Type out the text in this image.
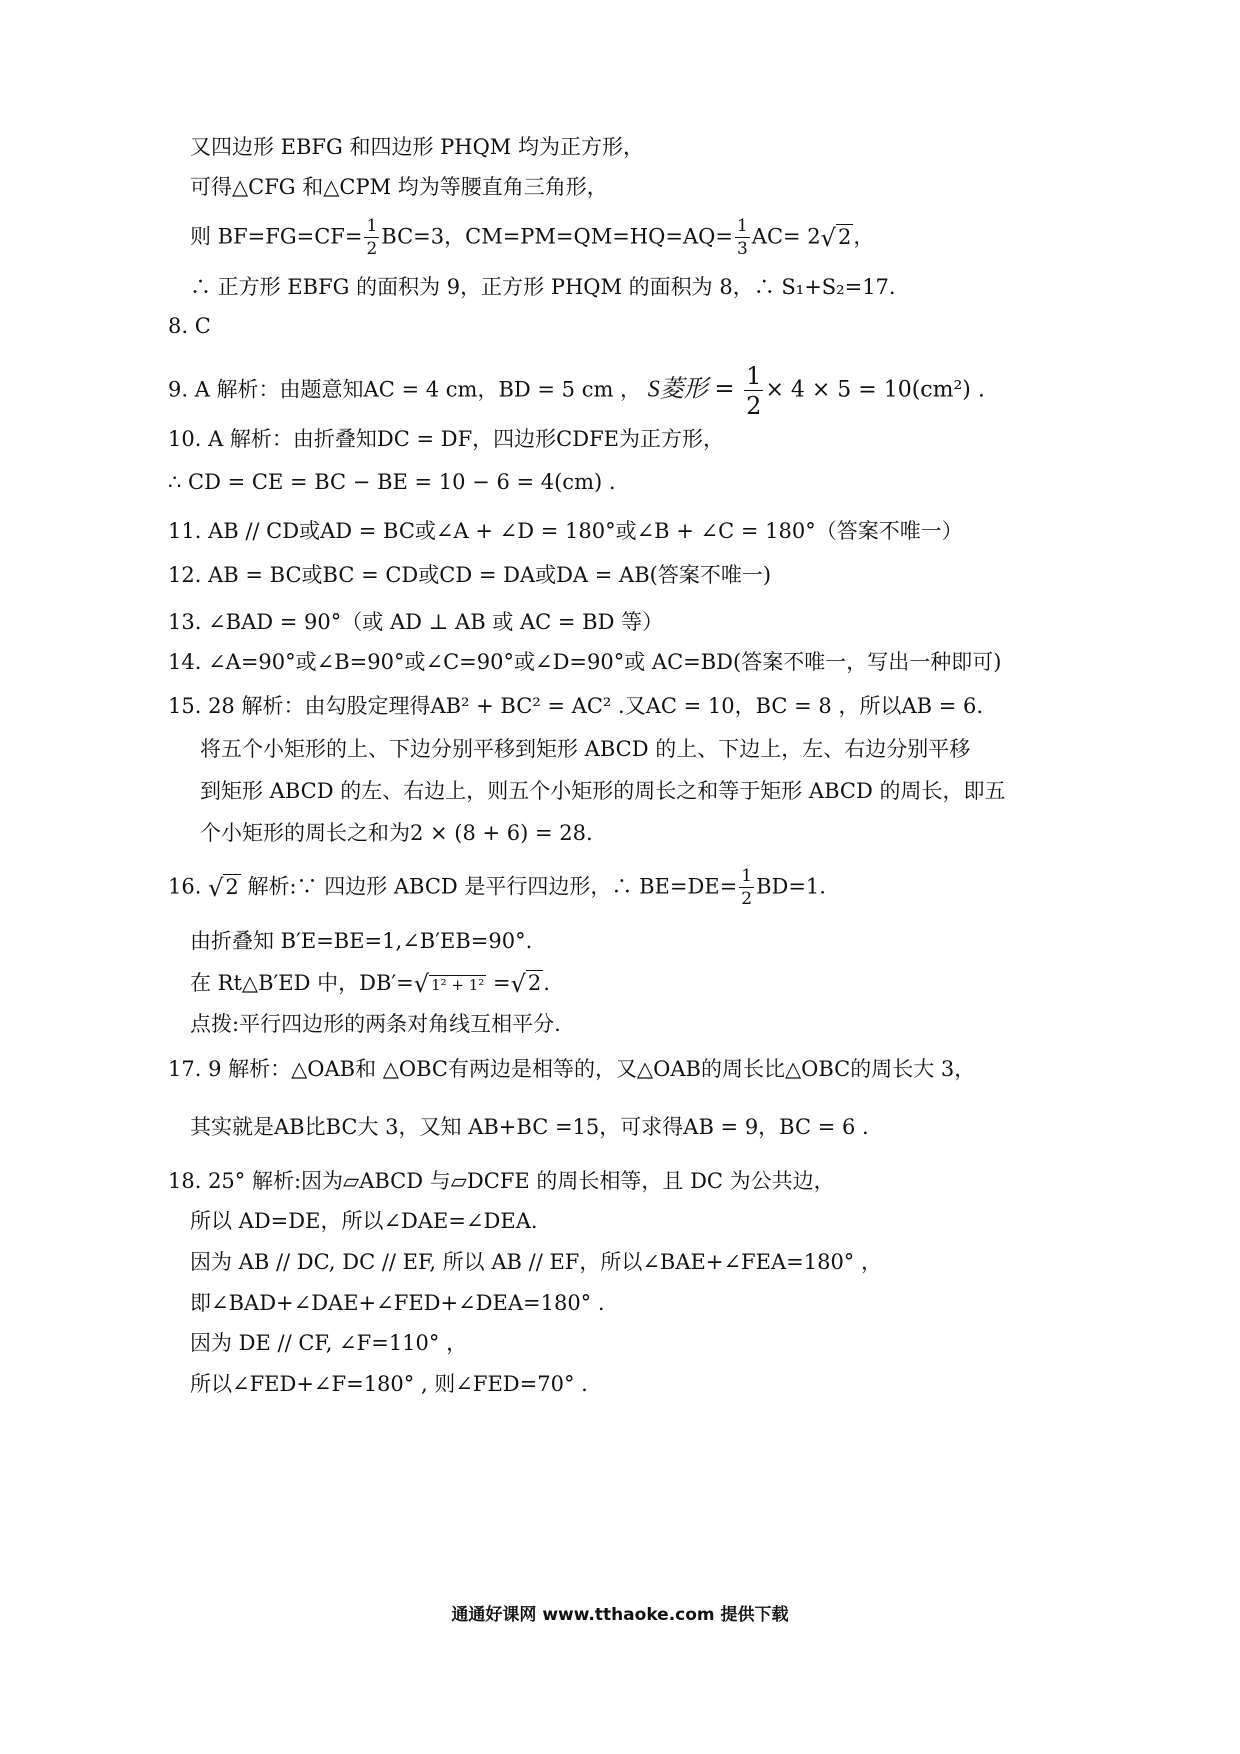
又四边形 EBFG 和四边形 PHQM 均为正方形，
可得△CFG 和△CPM 均为等腰直角三角形，
则 $BF=FG=CF= \frac{1}{2} BC=3$，$CM=PM=QM=HQ=AQ= \frac{1}{3} AC= 2√2$，
∴ 正方形 EBFG 的面积为 9，正方形 PHQM 的面积为 8，∴ S₁+S₂=17.
8. C
9. A 解析：由题意知AC = 4 cm，BD = 5 cm ， S菱形 = $\frac{1}{2} \times 4 \times 5 = 10(cm^2)$ .
10. A 解析：由折叠知DC = DF，四边形CDFE为正方形，
∴ CD = CE = BC − BE = 10 − 6 = 4(cm) .
11. AB // CD或AD = BC或∠A + ∠D = 180°或∠B + ∠C = 180°（答案不唯一）
12. AB = BC或BC = CD或CD = DA或DA = AB(答案不唯一)
13. ∠BAD = 90°（或 AD ⊥ AB 或 AC = BD 等）
14. ∠A=90°或∠B=90°或∠C=90°或∠D=90°或 AC=BD(答案不唯一，写出一种即可)
15. 28 解析：由勾股定理得AB² + BC² = AC² .又AC = 10，BC = 8 ，所以AB = 6.
将五个小矩形的上、下边分别平移到矩形 ABCD 的上、下边上，左、右边分别平移
到矩形 ABCD 的左、右边上，则五个小矩形的周长之和等于矩形 ABCD 的周长，即五
个小矩形的周长之和为2 × (8 + 6) = 28.
16. √2 解析:∵ 四边形 ABCD 是平行四边形，∴ $BE=DE= \frac{1}{2} BD=1$.
由折叠知 B′E=BE=1,∠B′EB=90°.
在 Rt△B′ED 中，DB′=√ 1² + 1² =√2.
点拨:平行四边形的两条对角线互相平分.
17. 9 解析：△OAB和 △OBC有两边是相等的，又△OAB的周长比△OBC的周长大 3，
其实就是AB比BC大 3，又知 AB+BC =15，可求得AB = 9，BC = 6 .
18. 25° 解析:因为▱ABCD 与▱DCFE 的周长相等，且 DC 为公共边，
所以 AD=DE，所以∠DAE=∠DEA.
因为 AB // DC, DC // EF, 所以 AB // EF，所以∠BAE+∠FEA=180° ，
即∠BAD+∠DAE+∠FED+∠DEA=180° .
因为 DE // CF, ∠F=110° ，
所以∠FED+∠F=180° , 则∠FED=70° .
通通好课网 www.tthaoke.com 提供下载
